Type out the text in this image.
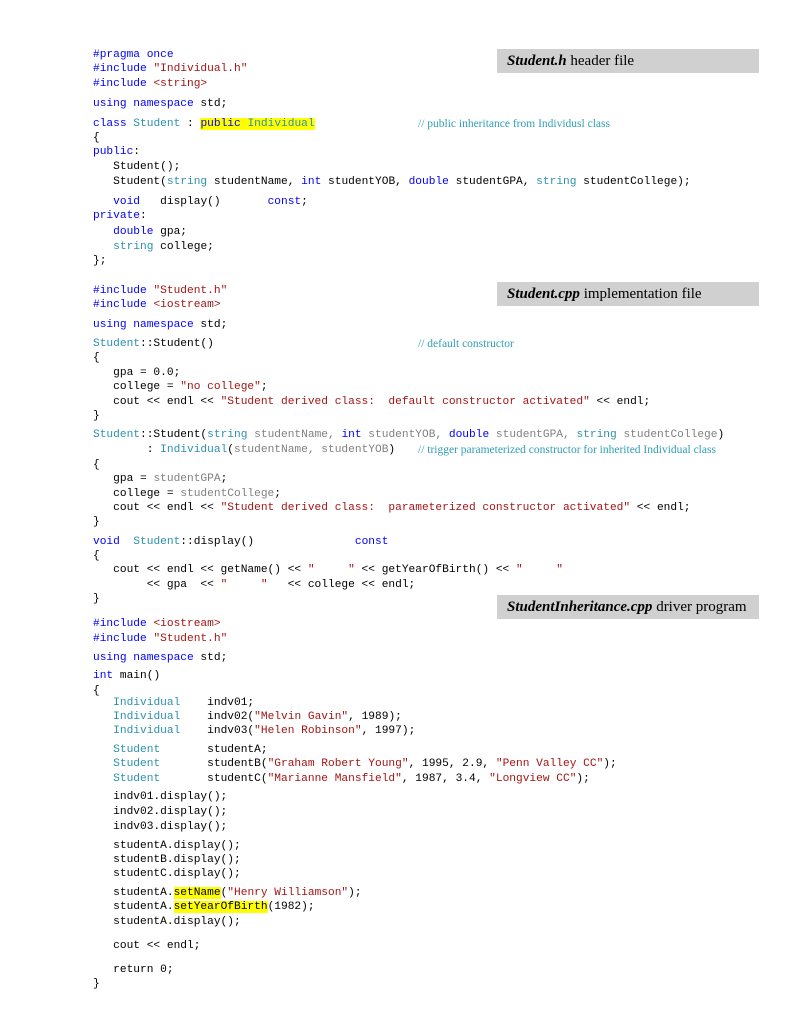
#pragma once
#include "Individual.h"
#include <string>
using namespace std;
class Student : public Individual
{
public:
Student();
Student(string studentName, int studentYOB, double studentGPA, string studentCollege);
void   display()       const;
private:
double gpa;
string college;
};
#include "Student.h"
#include <iostream>
using namespace std;
Student::Student()
{
gpa = 0.0;
college = "no college";
cout << endl << "Student derived class:  default constructor activated" << endl;
}
Student::Student(string studentName, int studentYOB, double studentGPA, string studentCollege)
: Individual(studentName, studentYOB)
{
gpa = studentGPA;
college = studentCollege;
cout << endl << "Student derived class:  parameterized constructor activated" << endl;
}
void Student::display()               const
{
cout << endl << getName() << "     " << getYearOfBirth() << "     "
<< gpa  << "     "   << college << endl;
}
#include <iostream>
#include "Student.h"
using namespace std;
int main()
{
Individual    indv01;
Individual    indv02("Melvin Gavin", 1989);
Individual    indv03("Helen Robinson", 1997);
Student       studentA;
Student       studentB("Graham Robert Young", 1995, 2.9, "Penn Valley CC");
Student       studentC("Marianne Mansfield", 1987, 3.4, "Longview CC");
indv01.display();
indv02.display();
indv03.display();
studentA.display();
studentB.display();
studentC.display();
studentA.setName("Henry Williamson");
studentA.setYearOfBirth(1982);
studentA.display();
cout << endl;
return 0;
}
Student.h header file
Student.cpp implementation file
StudentInheritance.cpp driver program
// public inheritance from Individusl class
// default constructor
// trigger parameterized constructor for inherited Individual class
